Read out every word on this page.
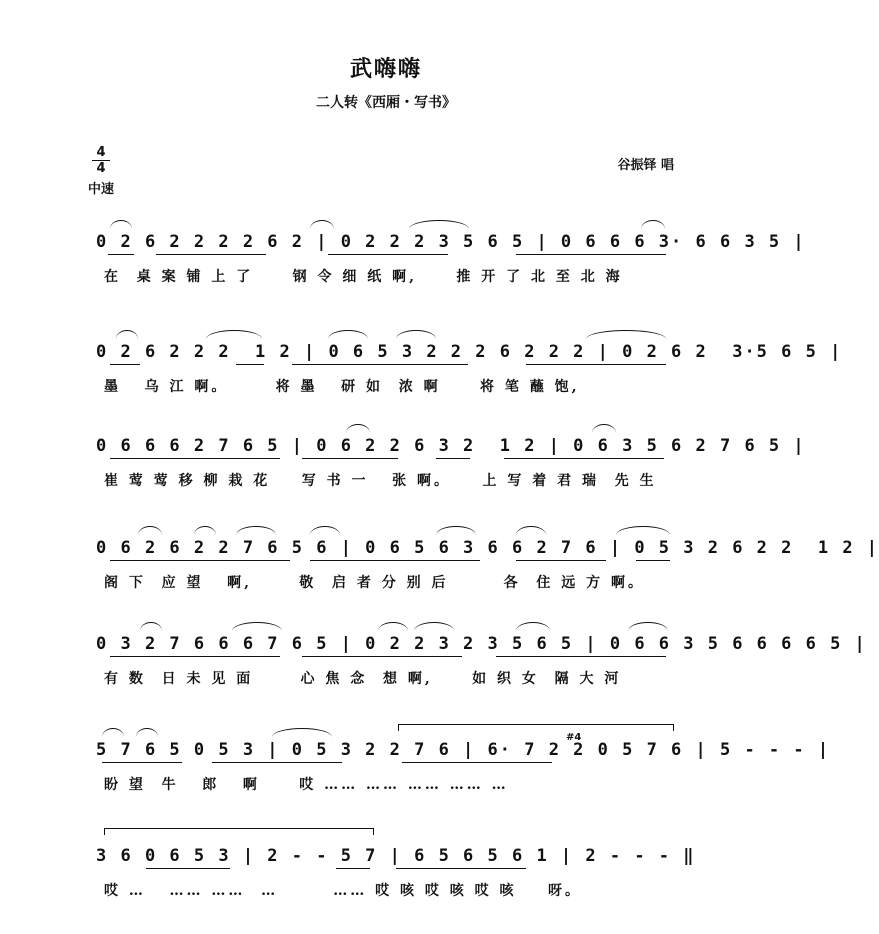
武嗨嗨
二人转《西厢・写书》
4
4
中速
谷振铎 唱
0 2 6 2 2 2 2 6 2 | 0 2 2 2 3 5 6 5 | 0 6 6 6 3· 6 6 3 5 |
在  桌 案 铺 上 了     钢 令 细 纸 啊,     推 开 了 北 至 北 海
0 2 6 2 2 2  1 2 | 0 6 5 3 2 2 2 6 2 2 2 | 0 2 6 2  3·5 6 5 |
墨   乌 江 啊。      将 墨   研 如  浓 啊     将 笔 蘸 饱,
0 6 6 6 2 7 6 5 | 0 6 2 2 6 3 2  1 2 | 0 6 3 5 6 2 7 6 5 |
崔 莺 莺 移 柳 栽 花    写 书 一   张 啊。    上 写 着 君 瑞  先 生
0 6 2 6 2 2 7 6 5 6 | 0 6 5 6 3 6 6 2 7 6 | 0 5 3 2 6 2 2  1 2 |
阁 下  应 望   啊,      敬  启 者 分 别 后       各  住 远 方 啊。
0 3 2 7 6 6 6 7 6 5 | 0 2 2 3 2 3 5 6 5 | 0 6 6 3 5 6 6 6 6 5 |
有 数  日 未 见 面      心 焦 念  想 啊,     如 织 女  隔 大 河
5 7 6 5 0 5 3 | 0 5 3 2 2 7 6 | 6· 7 2 2 0 5 7 6 | 5 - - - |
#4
盼 望  牛   郎   啊     哎 …… …… …… …… …
3 6 0 6 5 3 | 2 - - 5 7 | 6 5 6 5 6 1 | 2 - - - ‖
哎 …   …… ……  …       …… 哎 咳 哎 咳 哎 咳    呀。
